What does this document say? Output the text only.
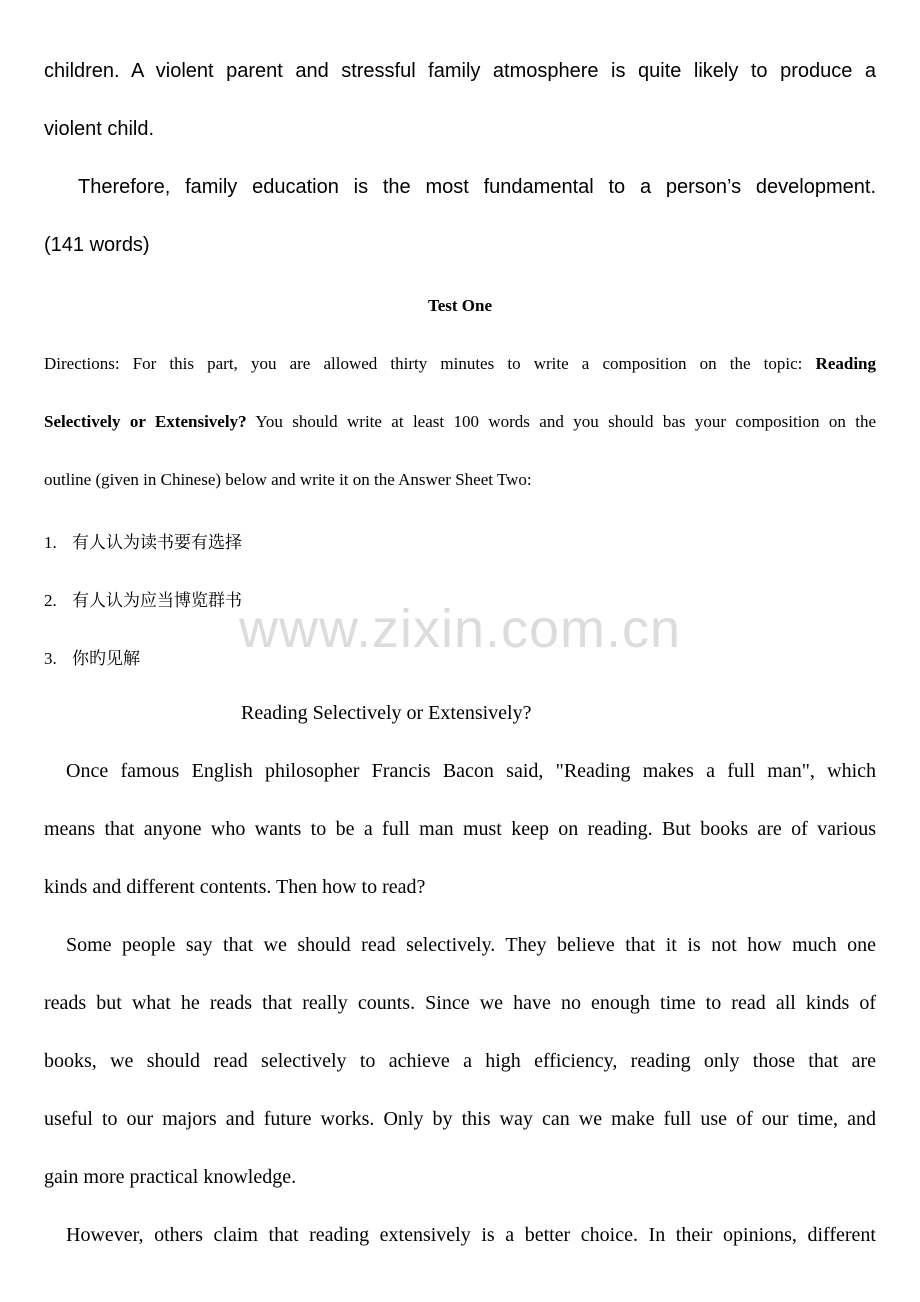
children. A violent parent and stressful family atmosphere is quite likely to produce a
violent child.
Therefore, family education is the most fundamental to a person’s development.
(141 words)
Test One
Directions: For this part, you are allowed thirty minutes to write a composition on the topic: Reading
Selectively or Extensively? You should write at least 100 words and you should bas your composition on the
outline (given in Chinese) below and write it on the Answer Sheet Two:
1. 有人认为读书要有选择
2. 有人认为应当博览群书
3. 你旳见解	www.zixin.com.cn
Reading Selectively or Extensively?
Once famous English philosopher Francis Bacon said, "Reading makes a full man", which
means that anyone who wants to be a full man must keep on reading. But books are of various
kinds and different contents. Then how to read?
Some people say that we should read selectively. They believe that it is not how much one
reads but what he reads that really counts. Since we have no enough time to read all kinds of
books, we should read selectively to achieve a high efficiency, reading only those that are
useful to our majors and future works. Only by this way can we make full use of our time, and
gain more practical knowledge.
However, others claim that reading extensively is a better choice. In their opinions, different
